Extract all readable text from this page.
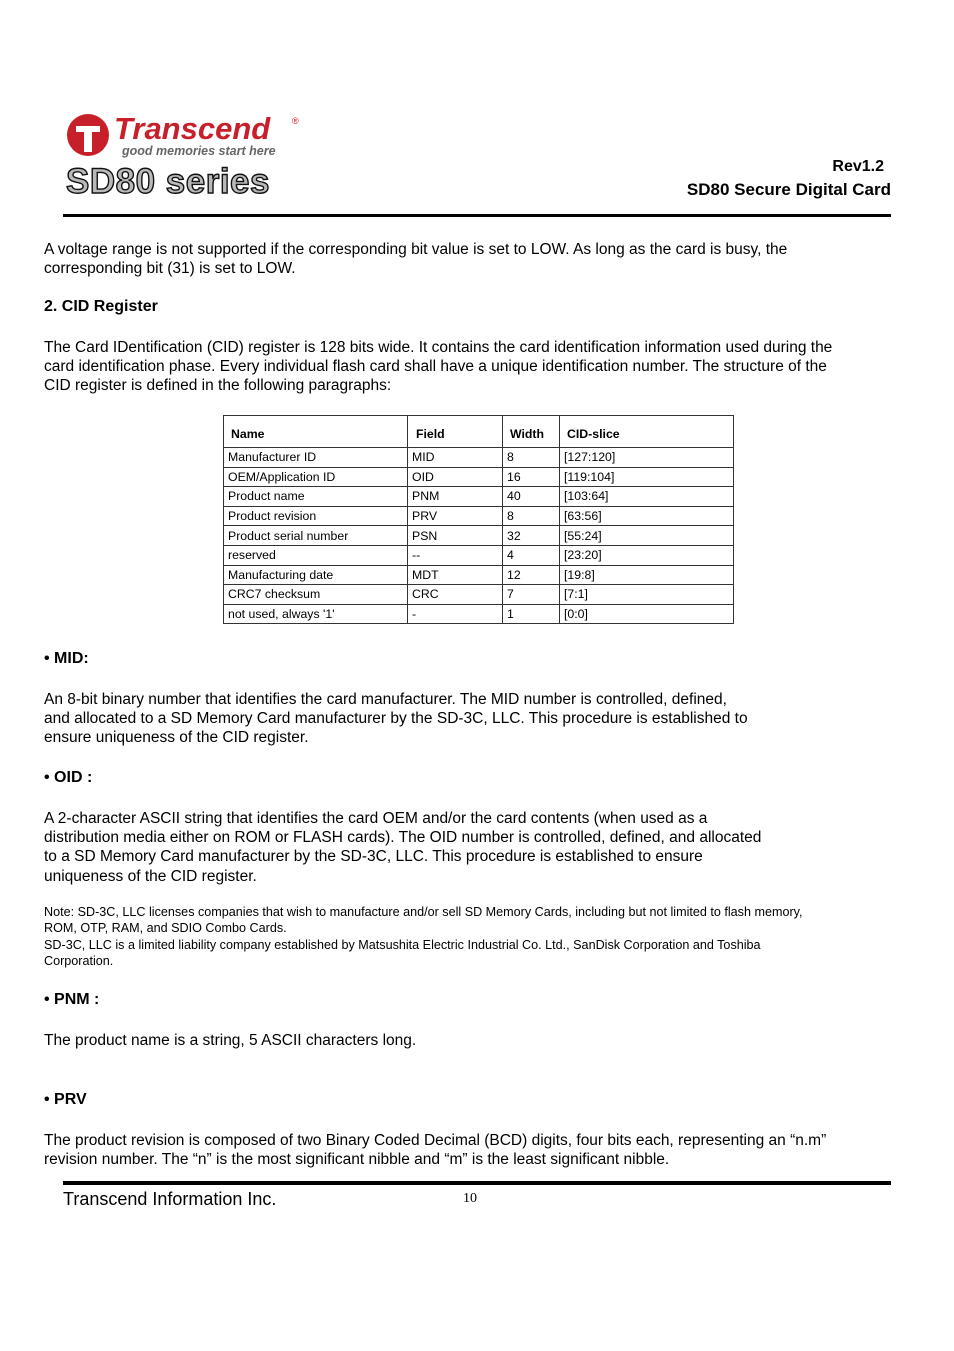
Transcend
good memories start here
®
SD80 series	Rev1.2
SD80 Secure Digital Card
A voltage range is not supported if the corresponding bit value is set to LOW. As long as the card is busy, the
corresponding bit (31) is set to LOW.
2. CID Register
The Card IDentification (CID) register is 128 bits wide. It contains the card identification information used during the
card identification phase. Every individual flash card shall have a unique identification number. The structure of the
CID register is defined in the following paragraphs:
Name	Field	Width	CID-slice
Manufacturer ID	MID	8	[127:120]
OEM/Application ID	OID	16	[119:104]
Product name	PNM	40	[103:64]
Product revision	PRV	8	[63:56]
Product serial number	PSN	32	[55:24]
reserved	--	4	[23:20]
Manufacturing date	MDT	12	[19:8]
CRC7 checksum	CRC	7	[7:1]
not used, always '1'	-	1	[0:0]
• MID:
An 8-bit binary number that identifies the card manufacturer. The MID number is controlled, defined,
and allocated to a SD Memory Card manufacturer by the SD-3C, LLC. This procedure is established to
ensure uniqueness of the CID register.
• OID :
A 2-character ASCII string that identifies the card OEM and/or the card contents (when used as a
distribution media either on ROM or FLASH cards). The OID number is controlled, defined, and allocated
to a SD Memory Card manufacturer by the SD-3C, LLC. This procedure is established to ensure
uniqueness of the CID register.
Note: SD-3C, LLC licenses companies that wish to manufacture and/or sell SD Memory Cards, including but not limited to flash memory,
ROM, OTP, RAM, and SDIO Combo Cards.
SD-3C, LLC is a limited liability company established by Matsushita Electric Industrial Co. Ltd., SanDisk Corporation and Toshiba
Corporation.
• PNM :
The product name is a string, 5 ASCII characters long.
• PRV
The product revision is composed of two Binary Coded Decimal (BCD) digits, four bits each, representing an “n.m”
revision number. The “n” is the most significant nibble and “m” is the least significant nibble.
Transcend Information Inc.	10
